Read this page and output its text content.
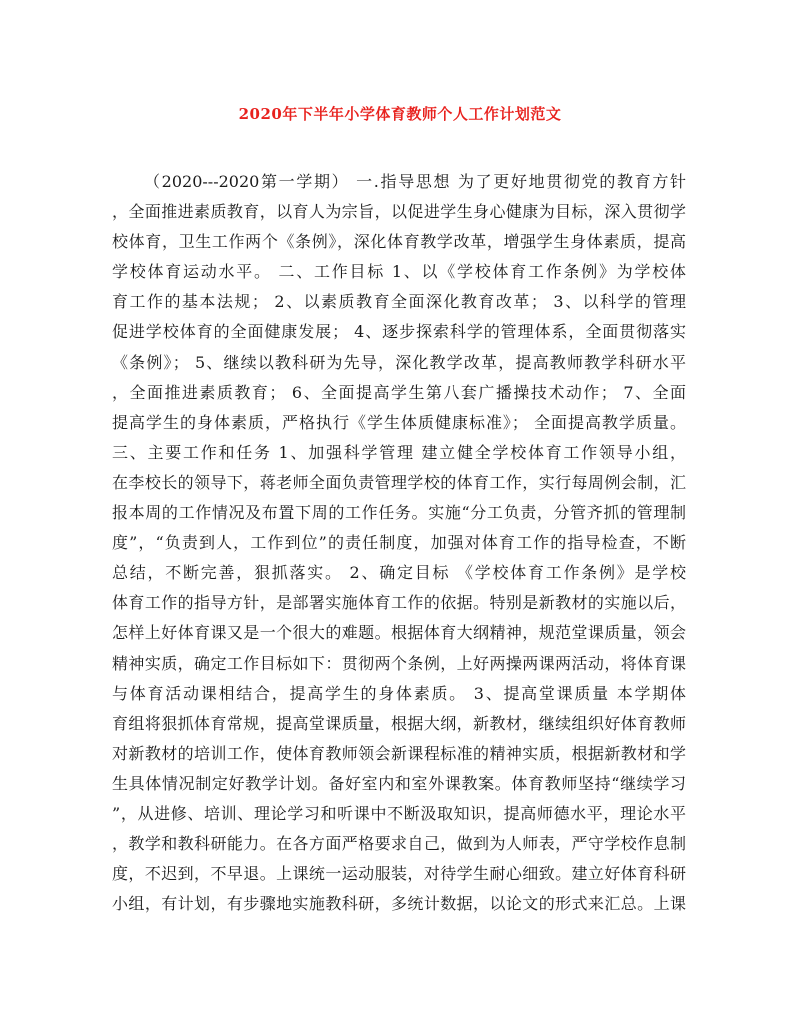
2020年下半年小学体育教师个人工作计划范文
（2020---2020第一学期） 一.指导思想 为了更好地贯彻党的教育方针
，全面推进素质教育，以育人为宗旨，以促进学生身心健康为目标，深入贯彻学
校体育，卫生工作两个《条例》，深化体育教学改革，增强学生身体素质，提高
学校体育运动水平。 二、工作目标 1、以《学校体育工作条例》为学校体
育工作的基本法规； 2、以素质教育全面深化教育改革； 3、以科学的管理
促进学校体育的全面健康发展； 4、逐步探索科学的管理体系，全面贯彻落实
《条例》； 5、继续以教科研为先导，深化教学改革，提高教师教学科研水平
，全面推进素质教育； 6、全面提高学生第八套广播操技术动作； 7、全面
提高学生的身体素质，严格执行《学生体质健康标准》； 全面提高教学质量。
三、主要工作和任务 1、加强科学管理 建立健全学校体育工作领导小组，
在李校长的领导下，蒋老师全面负责管理学校的体育工作，实行每周例会制，汇
报本周的工作情况及布置下周的工作任务。实施“分工负责，分管齐抓的管理制
度”，“负责到人，工作到位”的责任制度，加强对体育工作的指导检查，不断
总结，不断完善，狠抓落实。 2、确定目标 《学校体育工作条例》是学校
体育工作的指导方针，是部署实施体育工作的依据。特别是新教材的实施以后，
怎样上好体育课又是一个很大的难题。根据体育大纲精神，规范堂课质量，领会
精神实质，确定工作目标如下：贯彻两个条例，上好两操两课两活动，将体育课
与体育活动课相结合，提高学生的身体素质。 3、提高堂课质量 本学期体
育组将狠抓体育常规，提高堂课质量，根据大纲，新教材，继续组织好体育教师
对新教材的培训工作，使体育教师领会新课程标准的精神实质，根据新教材和学
生具体情况制定好教学计划。备好室内和室外课教案。体育教师坚持“继续学习
”，从进修、培训、理论学习和听课中不断汲取知识，提高师德水平，理论水平
，教学和教科研能力。在各方面严格要求自己，做到为人师表，严守学校作息制
度，不迟到，不早退。上课统一运动服装，对待学生耐心细致。建立好体育科研
小组，有计划，有步骤地实施教科研，多统计数据，以论文的形式来汇总。上课
